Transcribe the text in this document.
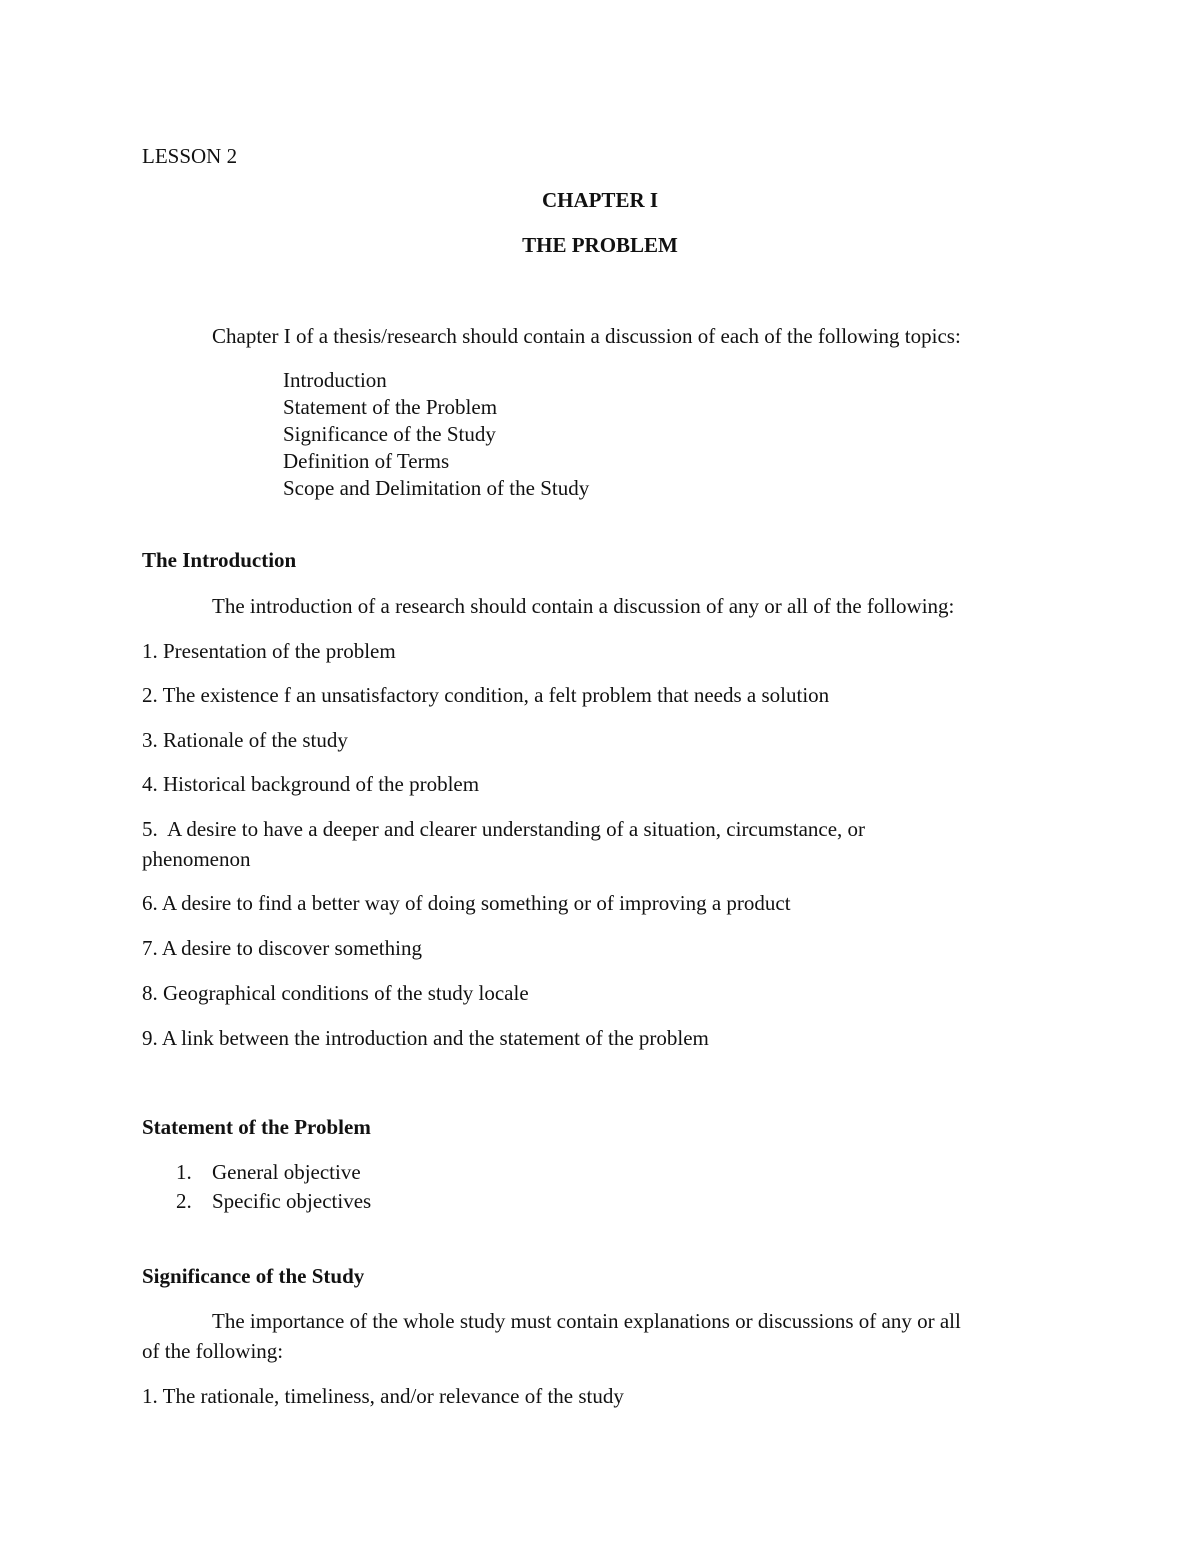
LESSON 2

CHAPTER I

THE PROBLEM

Chapter I of a thesis/research should contain a discussion of each of the following topics:

Introduction

Statement of the Problem

Significance of the Study

Definition of Terms

Scope and Delimitation of the Study

The Introduction

The introduction of a research should contain a discussion of any or all of the following:

1. Presentation of the problem

2. The existence f an unsatisfactory condition, a felt problem that needs a solution

3. Rationale of the study

4. Historical background of the problem

5.  A desire to have a deeper and clearer understanding of a situation, circumstance, or

phenomenon

6. A desire to find a better way of doing something or of improving a product

7. A desire to discover something

8. Geographical conditions of the study locale

9. A link between the introduction and the statement of the problem

Statement of the Problem

1. General objective

2. Specific objectives

Significance of the Study

The importance of the whole study must contain explanations or discussions of any or all

of the following:

1. The rationale, timeliness, and/or relevance of the study
